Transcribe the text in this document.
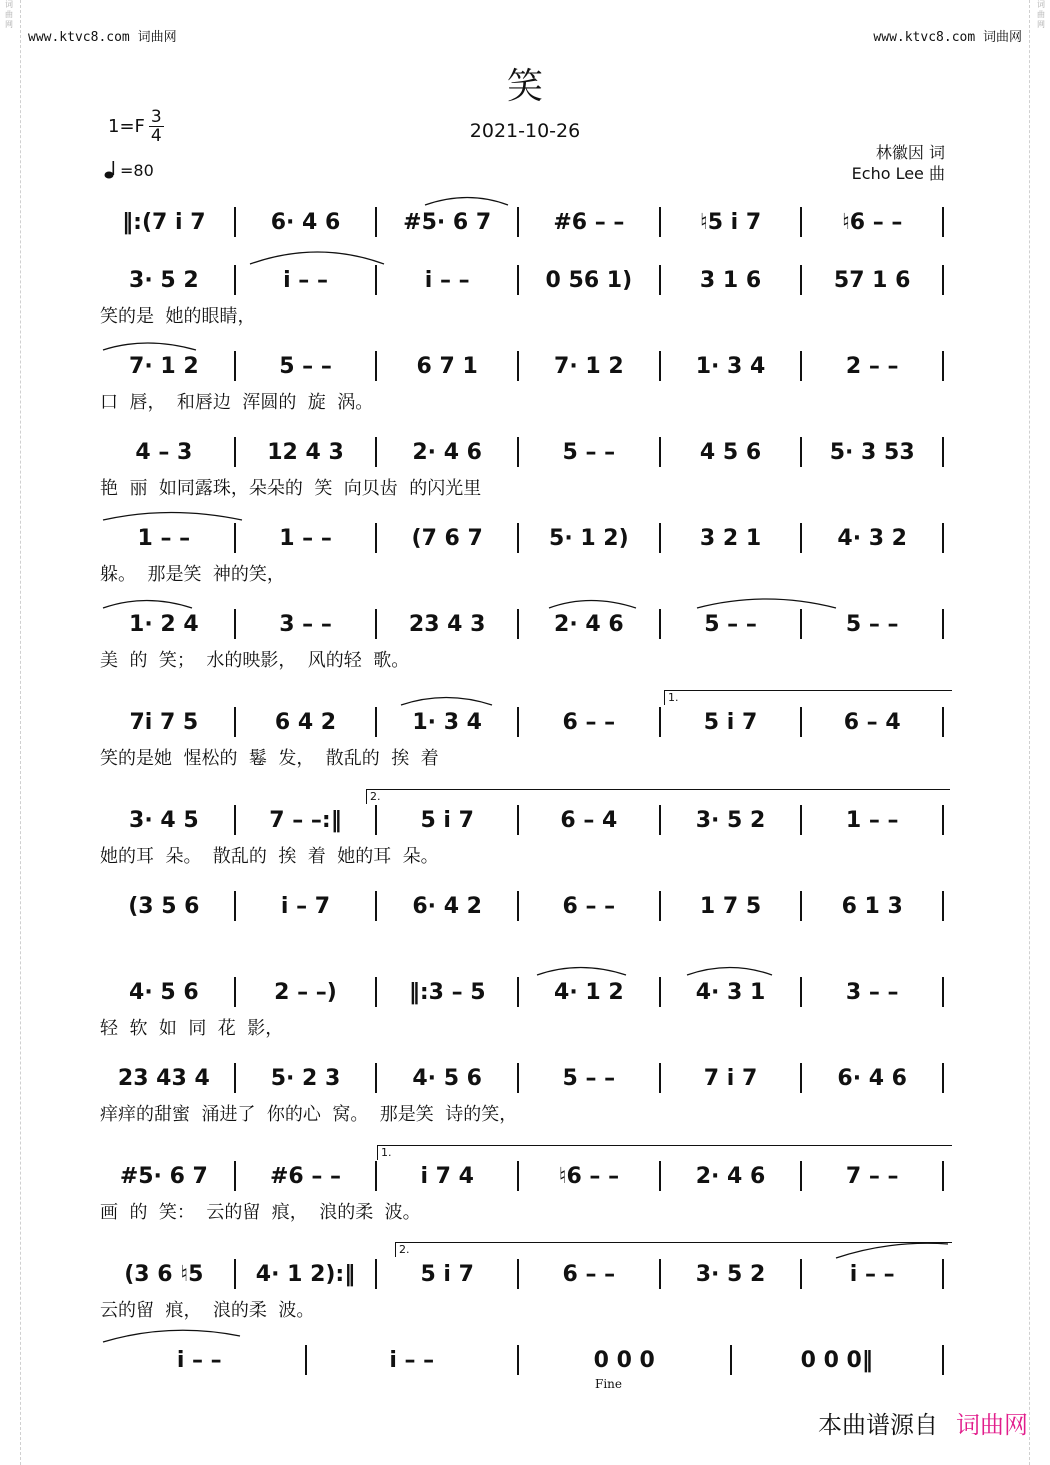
词曲网
词曲网
www.ktvc8.com 词曲网	www.ktvc8.com 词曲网
笑
2021-10-26
$1=F \frac{3}{4}$
=80
林徽因 词
Echo Lee 曲
‖:(7 i 7	6· 4 6	#5· 6 7	#6 – –	♮5 i 7	♮6 – –
3· 5 2	i – –	i – –	0 56 1)	3 1 6	57 1 6
笑的是  她的眼睛，
7· 1 2	5 – –	6 7 1	7· 1 2	1· 3 4	2 – –
口  唇，  和唇边  浑圆的  旋  涡。
4 – 3	12 4 3	2· 4 6	5 – –	4 5 6	5· 3 53
艳  丽  如同露珠，朵朵的  笑  向贝齿  的闪光里
1 – –	1 – –	(7 6 7	5· 1 2)	3 2 1	4· 3 2
躲。  那是笑  神的笑，
1· 2 4	3 – –	23 4 3	2· 4 6	5 – –	5 – –
美  的  笑；  水的映影，  风的轻  歌。
7i 7 5	6 4 2	1· 3 4	6 – –	5 i 7	6 – 4
笑的是她  惺松的  鬈  发，  散乱的  挨  着
3· 4 5	7 – –:‖	5 i 7	6 – 4	3· 5 2	1 – –
她的耳  朵。  散乱的  挨  着  她的耳  朵。
(3 5 6	i – 7	6· 4 2	6 – –	1 7 5	6 1 3
4· 5 6	2 – –)	‖:3 – 5	4· 1 2	4· 3 1	3 – –
轻  软  如  同  花  影，
23 43 4	5· 2 3	4· 5 6	5 – –	7 i 7	6· 4 6
痒痒的甜蜜  涌进了  你的心  窝。  那是笑  诗的笑，
#5· 6 7	#6 – –	i 7 4	♮6 – –	2· 4 6	7 – –
画  的  笑：  云的留  痕，  浪的柔  波。
(3 6 ♮5	4· 1 2):‖	5 i 7	6 – –	3· 5 2	i – –
云的留  痕，  浪的柔  波。
i – –	i – –	0 0 0	0 0 0‖
1.
2.
1.
2.
Fine
本曲谱源自 词曲网
